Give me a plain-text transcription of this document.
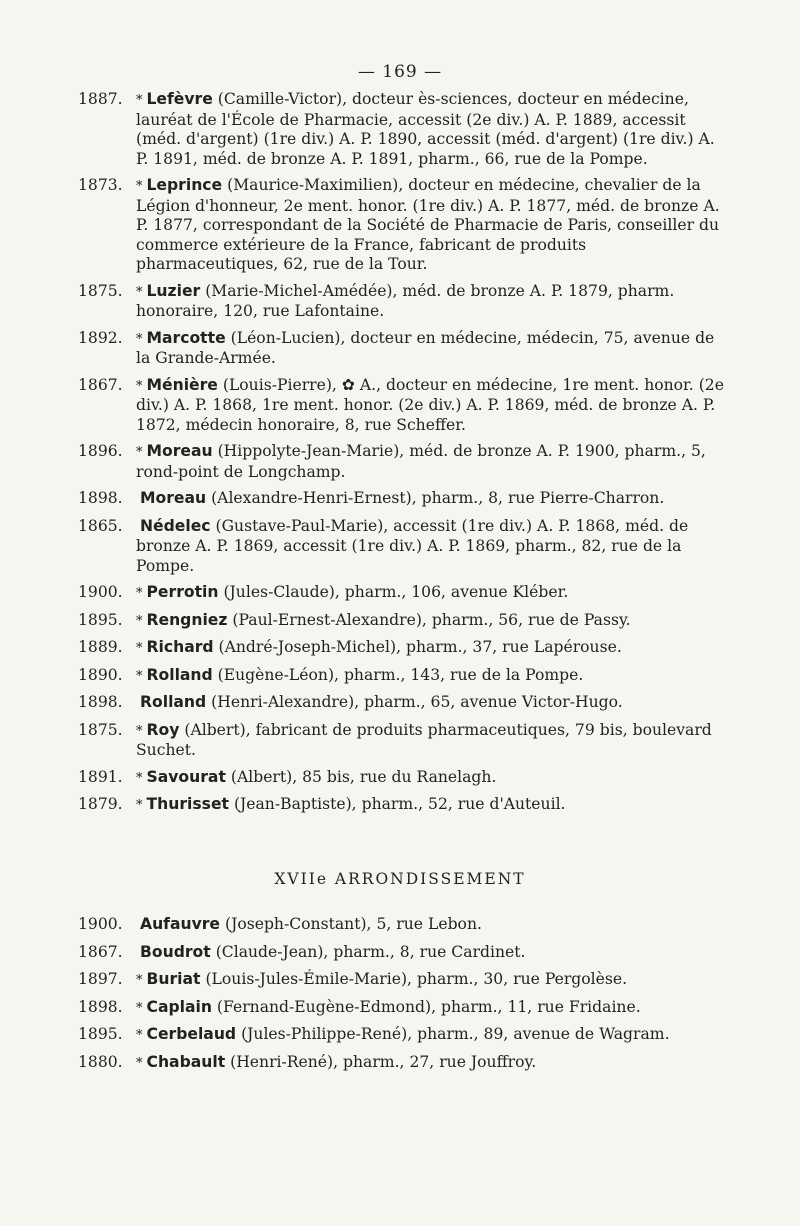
— 169 —
1887. * Lefèvre (Camille-Victor), docteur ès-sciences, docteur en médecine, lauréat de l'École de Pharmacie, accessit (2e div.) A. P. 1889, accessit (méd. d'argent) (1re div.) A. P. 1890, accessit (méd. d'argent) (1re div.) A. P. 1891, méd. de bronze A. P. 1891, pharm., 66, rue de la Pompe.
1873. * Leprince (Maurice-Maximilien), docteur en médecine, chevalier de la Légion d'honneur, 2e ment. honor. (1re div.) A. P. 1877, méd. de bronze A. P. 1877, correspondant de la Société de Pharmacie de Paris, conseiller du commerce extérieure de la France, fabricant de produits pharmaceutiques, 62, rue de la Tour.
1875. * Luzier (Marie-Michel-Amédée), méd. de bronze A. P. 1879, pharm. honoraire, 120, rue Lafontaine.
1892. * Marcotte (Léon-Lucien), docteur en médecine, médecin, 75, avenue de la Grande-Armée.
1867. * Ménière (Louis-Pierre), ✿ A., docteur en médecine, 1re ment. honor. (2e div.) A. P. 1868, 1re ment. honor. (2e div.) A. P. 1869, méd. de bronze A. P. 1872, médecin honoraire, 8, rue Scheffer.
1896. * Moreau (Hippolyte-Jean-Marie), méd. de bronze A. P. 1900, pharm., 5, rond-point de Longchamp.
1898. Moreau (Alexandre-Henri-Ernest), pharm., 8, rue Pierre-Charron.
1865. Nédelec (Gustave-Paul-Marie), accessit (1re div.) A. P. 1868, méd. de bronze A. P. 1869, accessit (1re div.) A. P. 1869, pharm., 82, rue de la Pompe.
1900. * Perrotin (Jules-Claude), pharm., 106, avenue Kléber.
1895. * Rengniez (Paul-Ernest-Alexandre), pharm., 56, rue de Passy.
1889. * Richard (André-Joseph-Michel), pharm., 37, rue Lapérouse.
1890. * Rolland (Eugène-Léon), pharm., 143, rue de la Pompe.
1898. Rolland (Henri-Alexandre), pharm., 65, avenue Victor-Hugo.
1875. * Roy (Albert), fabricant de produits pharmaceutiques, 79 bis, boulevard Suchet.
1891. * Savourat (Albert), 85 bis, rue du Ranelagh.
1879. * Thurisset (Jean-Baptiste), pharm., 52, rue d'Auteuil.
XVIIe ARRONDISSEMENT
1900. Aufauvre (Joseph-Constant), 5, rue Lebon.
1867. Boudrot (Claude-Jean), pharm., 8, rue Cardinet.
1897. * Buriat (Louis-Jules-Émile-Marie), pharm., 30, rue Pergolèse.
1898. * Caplain (Fernand-Eugène-Edmond), pharm., 11, rue Fridaine.
1895. * Cerbelaud (Jules-Philippe-René), pharm., 89, avenue de Wagram.
1880. * Chabault (Henri-René), pharm., 27, rue Jouffroy.
